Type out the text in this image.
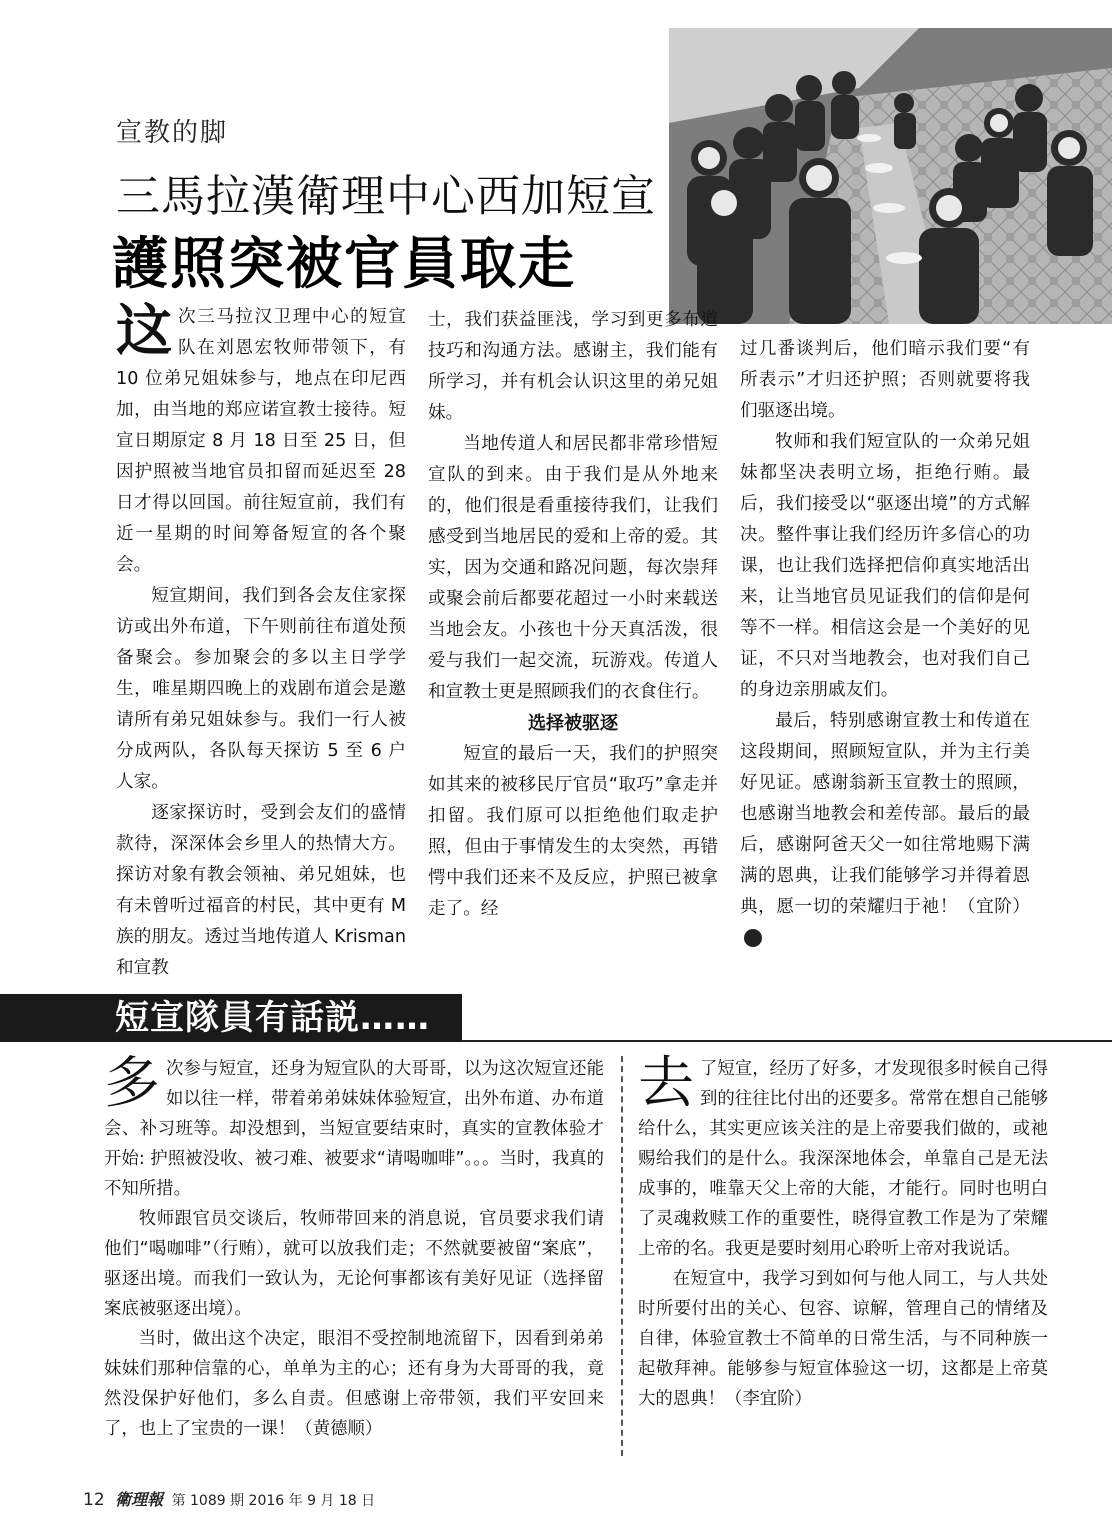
宣教的脚
三馬拉漢衛理中心西加短宣
護照突被官員取走

这次三马拉汉卫理中心的短宣队在刘恩宏牧师带领下，有 10 位弟兄姐妹参与，地点在印尼西加，由当地的郑应诺宣教士接待。短宣日期原定 8 月 18 日至 25 日，但因护照被当地官员扣留而延迟至 28 日才得以回国。前往短宣前，我们有近一星期的时间筹备短宣的各个聚会。

短宣期间，我们到各会友住家探访或出外布道，下午则前往布道处预备聚会。参加聚会的多以主日学学生，唯星期四晚上的戏剧布道会是邀请所有弟兄姐妹参与。我们一行人被分成两队，各队每天探访 5 至 6 户人家。

逐家探访时，受到会友们的盛情款待，深深体会乡里人的热情大方。探访对象有教会领袖、弟兄姐妹，也有未曾听过福音的村民，其中更有 M 族的朋友。透过当地传道人 Krisman 和宣教

士，我们获益匪浅，学习到更多布道技巧和沟通方法。感谢主，我们能有所学习，并有机会认识这里的弟兄姐妹。

当地传道人和居民都非常珍惜短宣队的到来。由于我们是从外地来的，他们很是看重接待我们，让我们感受到当地居民的爱和上帝的爱。其实，因为交通和路况问题，每次崇拜或聚会前后都要花超过一小时来载送当地会友。小孩也十分天真活泼，很爱与我们一起交流，玩游戏。传道人和宣教士更是照顾我们的衣食住行。

选择被驱逐

短宣的最后一天，我们的护照突如其来的被移民厅官员“取巧”拿走并扣留。我们原可以拒绝他们取走护照，但由于事情发生的太突然，再错愕中我们还来不及反应，护照已被拿走了。经

过几番谈判后，他们暗示我们要“有所表示”才归还护照；否则就要将我们驱逐出境。

牧师和我们短宣队的一众弟兄姐妹都坚决表明立场，拒绝行贿。最后，我们接受以“驱逐出境”的方式解决。整件事让我们经历许多信心的功课，也让我们选择把信仰真实地活出来，让当地官员见证我们的信仰是何等不一样。相信这会是一个美好的见证，不只对当地教会，也对我们自己的身边亲朋戚友们。

最后，特别感谢宣教士和传道在这段期间，照顾短宣队，并为主行美好见证。感谢翁新玉宣教士的照顾，也感谢当地教会和差传部。最后的最后，感谢阿爸天父一如往常地赐下满满的恩典，让我们能够学习并得着恩典，愿一切的荣耀归于祂！（宜阶）

短宣隊員有話説……

多次参与短宣，还身为短宣队的大哥哥，以为这次短宣还能如以往一样，带着弟弟妹妹体验短宣，出外布道、办布道会、补习班等。却没想到，当短宣要结束时，真实的宣教体验才开始: 护照被没收、被刁难、被要求“请喝咖啡”。。。当时，我真的不知所措。

牧师跟官员交谈后，牧师带回来的消息说，官员要求我们请他们“喝咖啡”（行贿），就可以放我们走；不然就要被留“案底”，驱逐出境。而我们一致认为，无论何事都该有美好见证（选择留案底被驱逐出境）。

当时，做出这个决定，眼泪不受控制地流留下，因看到弟弟妹妹们那种信靠的心，单单为主的心；还有身为大哥哥的我，竟然没保护好他们，多么自责。但感谢上帝带领，我们平安回来了，也上了宝贵的一课！（黄德顺）

去了短宣，经历了好多，才发现很多时候自己得到的往往比付出的还要多。常常在想自己能够给什么，其实更应该关注的是上帝要我们做的，或祂赐给我们的是什么。我深深地体会，单靠自己是无法成事的，唯靠天父上帝的大能，才能行。同时也明白了灵魂救赎工作的重要性，晓得宣教工作是为了荣耀上帝的名。我更是要时刻用心聆听上帝对我说话。

在短宣中，我学习到如何与他人同工，与人共处时所要付出的关心、包容、谅解，管理自己的情绪及自律，体验宣教士不简单的日常生活，与不同种族一起敬拜神。能够参与短宣体验这一切，这都是上帝莫大的恩典！（李宜阶）

12 衛理報 第 1089 期 2016 年 9 月 18 日
